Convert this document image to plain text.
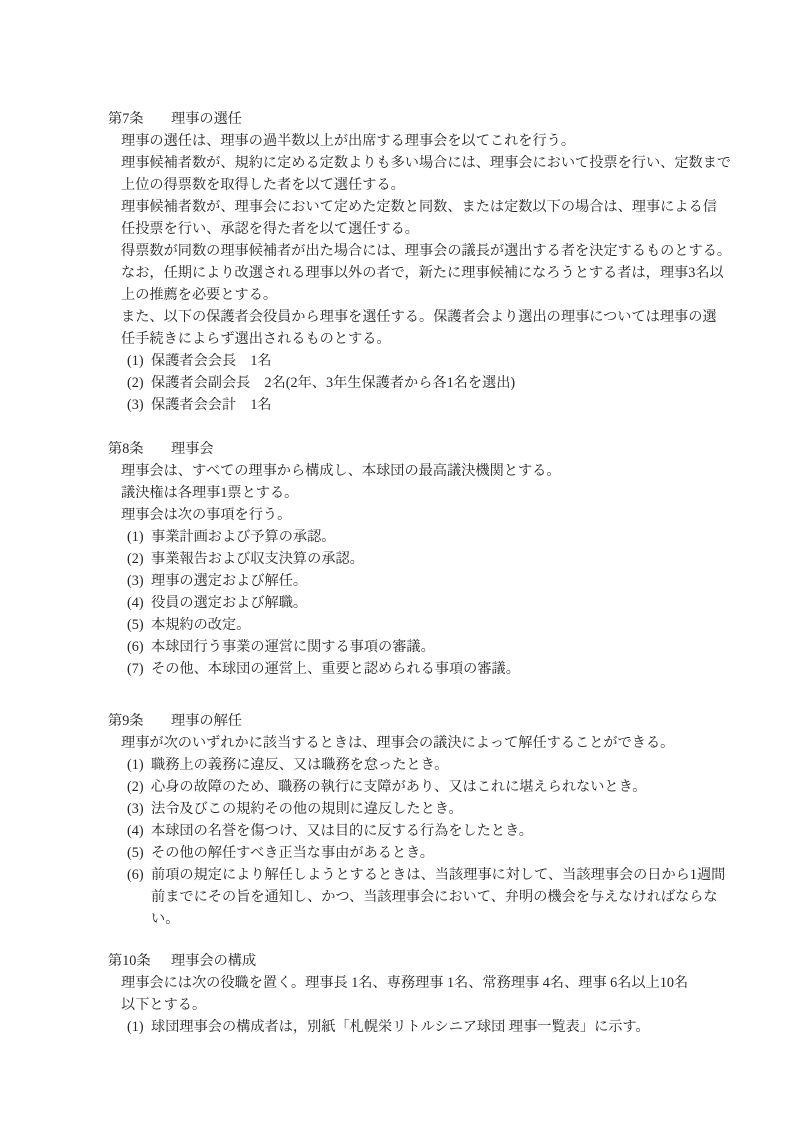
第7条	理事の選任

理事の選任は、理事の過半数以上が出席する理事会を以てこれを行う。

理事候補者数が、規約に定める定数よりも多い場合には、理事会において投票を行い、定数まで上位の得票数を取得した者を以て選任する。

理事候補者数が、理事会において定めた定数と同数、または定数以下の場合は、理事による信任投票を行い、承認を得た者を以て選任する。

得票数が同数の理事候補者が出た場合には、理事会の議長が選出する者を決定するものとする。

なお，任期により改選される理事以外の者で，新たに理事候補になろうとする者は，理事3名以上の推薦を必要とする。

また、以下の保護者会役員から理事を選任する。保護者会より選出の理事については理事の選任手続きによらず選出されるものとする。

(1) 保護者会会長　1名
(2) 保護者会副会長　2名(2年、3年生保護者から各1名を選出)
(3) 保護者会会計　1名
第8条	理事会

理事会は、すべての理事から構成し、本球団の最高議決機関とする。

議決権は各理事1票とする。

理事会は次の事項を行う。

(1) 事業計画および予算の承認。
(2) 事業報告および収支決算の承認。
(3) 理事の選定および解任。
(4) 役員の選定および解職。
(5) 本規約の改定。
(6) 本球団行う事業の運営に関する事項の審議。
(7) その他、本球団の運営上、重要と認められる事項の審議。
第9条	理事の解任

理事が次のいずれかに該当するときは、理事会の議決によって解任することができる。

(1) 職務上の義務に違反、又は職務を怠ったとき。
(2) 心身の故障のため、職務の執行に支障があり、又はこれに堪えられないとき。
(3) 法令及びこの規約その他の規則に違反したとき。
(4) 本球団の名誉を傷つけ、又は目的に反する行為をしたとき。
(5) その他の解任すべき正当な事由があるとき。
(6) 前項の規定により解任しようとするときは、当該理事に対して、当該理事会の日から1週間前までにその旨を通知し、かつ、当該理事会において、弁明の機会を与えなければならない。
第10条	理事会の構成

理事会には次の役職を置く。理事長 1名、専務理事 1名、常務理事 4名、理事 6名以上10名以下とする。

(1) 球団理事会の構成者は，別紙「札幌栄リトルシニア球団 理事一覧表」に示す。
